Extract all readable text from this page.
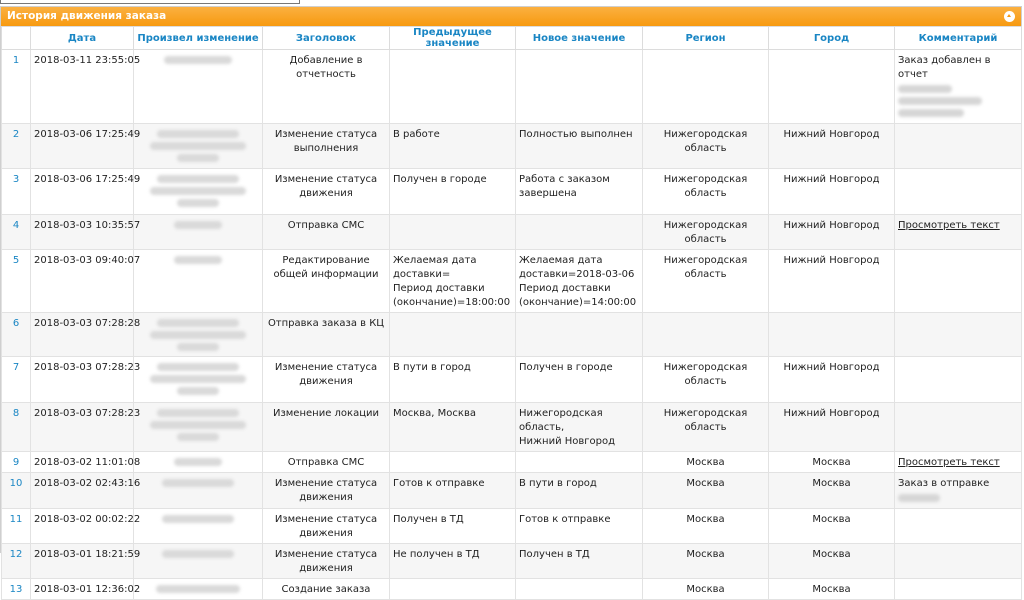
История движения заказа
	Дата	Произвел изменение	Заголовок	Предыдущее значение	Новое значение	Регион	Город	Комментарий
1	2018-03-11 23:55:05		Добавление в отчетность					Заказ добавлен в отчет

2	2018-03-06 17:25:49		Изменение статуса выполнения	В работе	Полностью выполнен	Нижегородская область	Нижний Новгород	
3	2018-03-06 17:25:49		Изменение статуса движения	Получен в городе	Работа с заказом завершена	Нижегородская область	Нижний Новгород	
4	2018-03-03 10:35:57		Отправка СМС			Нижегородская область	Нижний Новгород	Просмотреть текст
5	2018-03-03 09:40:07		Редактирование общей информации	Желаемая дата
доставки=
Период доставки
(окончание)=18:00:00	Желаемая дата
доставки=2018-03-06
Период доставки
(окончание)=14:00:00	Нижегородская область	Нижний Новгород	
6	2018-03-03 07:28:28		Отправка заказа в КЦ					
7	2018-03-03 07:28:23		Изменение статуса движения	В пути в город	Получен в городе	Нижегородская область	Нижний Новгород	
8	2018-03-03 07:28:23		Изменение локации	Москва, Москва	Нижегородская область,
Нижний Новгород	Нижегородская область	Нижний Новгород	
9	2018-03-02 11:01:08		Отправка СМС			Москва	Москва	Просмотреть текст
10	2018-03-02 02:43:16		Изменение статуса движения	Готов к отправке	В пути в город	Москва	Москва	Заказ в отправке

11	2018-03-02 00:02:22		Изменение статуса движения	Получен в ТД	Готов к отправке	Москва	Москва	
12	2018-03-01 18:21:59		Изменение статуса движения	Не получен в ТД	Получен в ТД	Москва	Москва	
13	2018-03-01 12:36:02		Создание заказа			Москва	Москва	
